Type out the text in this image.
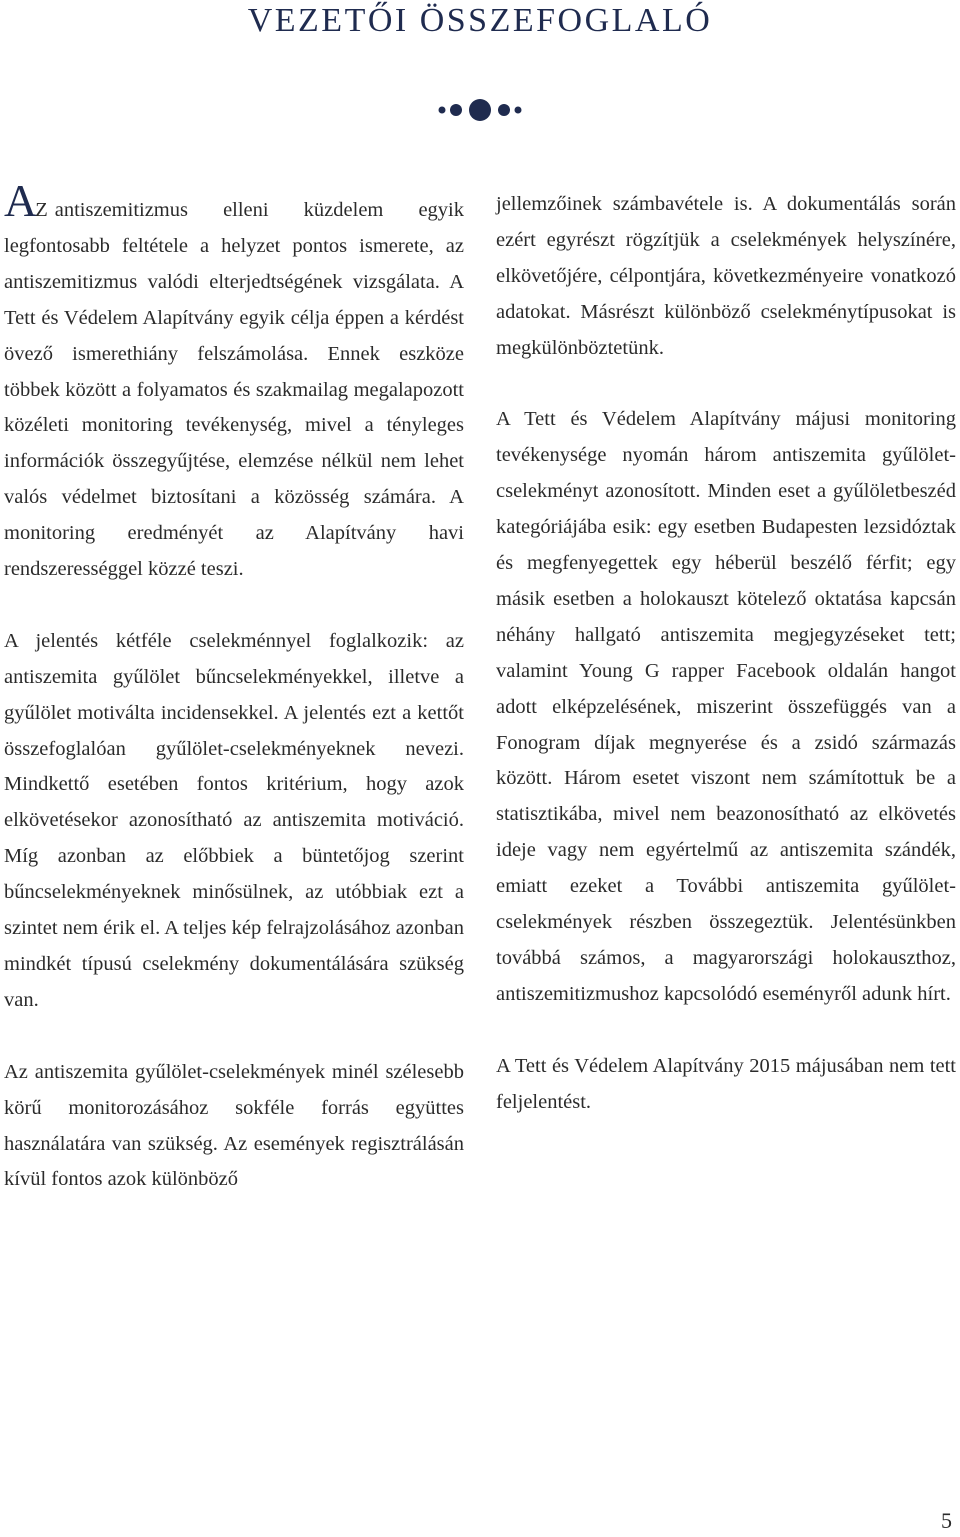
VEZETŐI ÖSSZEFOGLALÓ

AZ antiszemitizmus elleni küzdelem egyik legfontosabb feltétele a helyzet pontos ismerete, az antiszemitizmus valódi elterjedtségének vizsgálata. A Tett és Védelem Alapítvány egyik célja éppen a kérdést övező ismerethiány felszámolása. Ennek eszköze többek között a folyamatos és szakmailag megalapozott közéleti monitoring tevékenység, mivel a tényleges információk összegyűjtése, elemzése nélkül nem lehet valós védelmet biztosítani a közösség számára. A monitoring eredményét az Alapítvány havi rendszerességgel közzé teszi.

A jelentés kétféle cselekménnyel foglalkozik: az antiszemita gyűlölet bűncselekményekkel, illetve a gyűlölet motiválta incidensekkel. A jelentés ezt a kettőt összefoglalóan gyűlölet-cselekményeknek nevezi. Mindkettő esetében fontos kritérium, hogy azok elkövetésekor azonosítható az antiszemita motiváció. Míg azonban az előbbiek a büntetőjog szerint bűncselekményeknek minősülnek, az utóbbiak ezt a szintet nem érik el. A teljes kép felrajzolásához azonban mindkét típusú cselekmény dokumentálására szükség van.

Az antiszemita gyűlölet-cselekmények minél szélesebb körű monitorozásához sokféle forrás együttes használatára van szükség. Az események regisztrálásán kívül fontos azok különböző

jellemzőinek számbavétele is. A dokumentálás során ezért egyrészt rögzítjük a cselekmények helyszínére, elkövetőjére, célpontjára, következményeire vonatkozó adatokat. Másrészt különböző cselekménytípusokat is megkülönböztetünk.

A Tett és Védelem Alapítvány májusi monitoring tevékenysége nyomán három antiszemita gyűlölet-cselekményt azonosított. Minden eset a gyűlöletbeszéd kategóriájába esik: egy esetben Budapesten lezsidóztak és megfenyegettek egy héberül beszélő férfit; egy másik esetben a holokauszt kötelező oktatása kapcsán néhány hallgató antiszemita megjegyzéseket tett; valamint Young G rapper Facebook oldalán hangot adott elképzelésének, miszerint összefüggés van a Fonogram díjak megnyerése és a zsidó származás között. Három esetet viszont nem számítottuk be a statisztikába, mivel nem beazonosítható az elkövetés ideje vagy nem egyértelmű az antiszemita szándék, emiatt ezeket a További antiszemita gyűlölet-cselekmények részben összegeztük. Jelentésünkben továbbá számos, a magyarországi holokauszthoz, antiszemitizmushoz kapcsolódó eseményről adunk hírt.

A Tett és Védelem Alapítvány 2015 májusában nem tett feljelentést.

5
